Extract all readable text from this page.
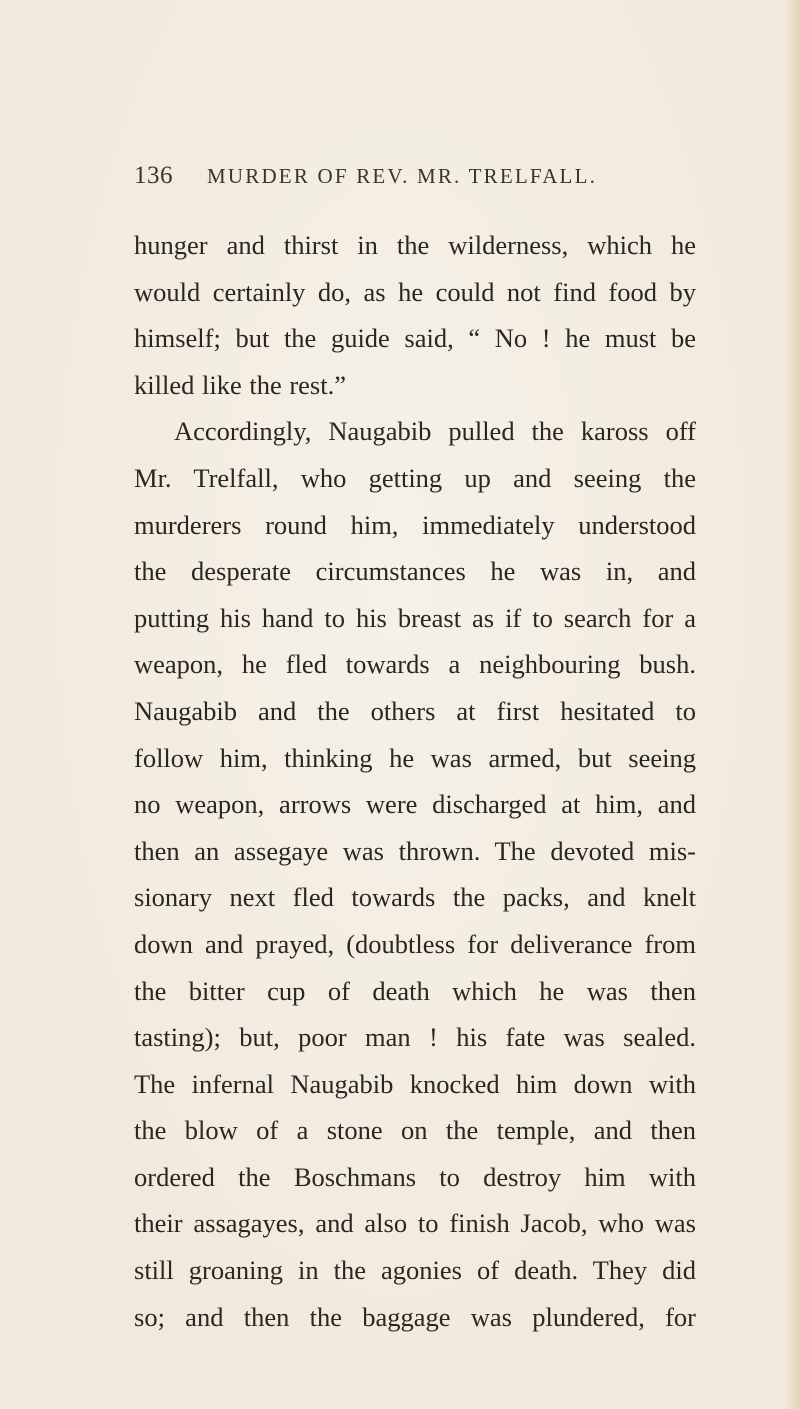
136 MURDER OF REV. MR. TRELFALL.
hunger and thirst in the wilderness, which he
would certainly do, as he could not find food by
himself; but the guide said, “ No ! he must be
killed like the rest.”
Accordingly, Naugabib pulled the kaross off
Mr. Trelfall, who getting up and seeing the
murderers round him, immediately understood
the desperate circumstances he was in, and
putting his hand to his breast as if to search for a
weapon, he fled towards a neighbouring bush.
Naugabib and the others at first hesitated to
follow him, thinking he was armed, but seeing
no weapon, arrows were discharged at him, and
then an assegaye was thrown. The devoted mis-
sionary next fled towards the packs, and knelt
down and prayed, (doubtless for deliverance from
the bitter cup of death which he was then
tasting); but, poor man ! his fate was sealed.
The infernal Naugabib knocked him down with
the blow of a stone on the temple, and then
ordered the Boschmans to destroy him with
their assagayes, and also to finish Jacob, who was
still groaning in the agonies of death. They did
so; and then the baggage was plundered, for
